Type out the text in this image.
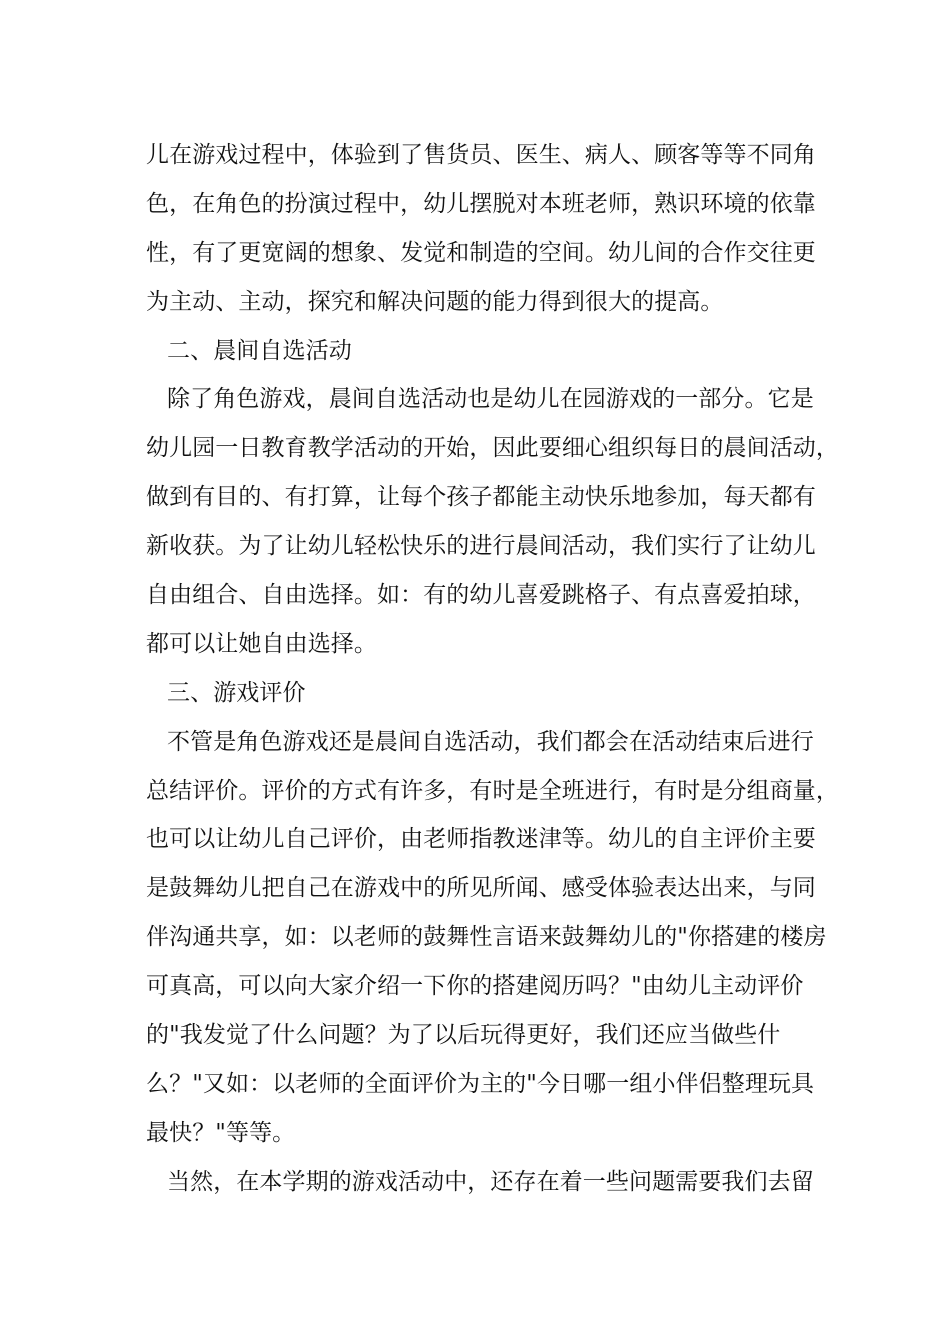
儿在游戏过程中，体验到了售货员、医生、病人、顾客等等不同角
色，在角色的扮演过程中，幼儿摆脱对本班老师，熟识环境的依靠
性，有了更宽阔的想象、发觉和制造的空间。幼儿间的合作交往更
为主动、主动，探究和解决问题的能力得到很大的提高。
二、晨间自选活动
除了角色游戏，晨间自选活动也是幼儿在园游戏的一部分。它是
幼儿园一日教育教学活动的开始，因此要细心组织每日的晨间活动，
做到有目的、有打算，让每个孩子都能主动快乐地参加，每天都有
新收获。为了让幼儿轻松快乐的进行晨间活动，我们实行了让幼儿
自由组合、自由选择。如：有的幼儿喜爱跳格子、有点喜爱拍球，
都可以让她自由选择。
三、游戏评价
不管是角色游戏还是晨间自选活动，我们都会在活动结束后进行
总结评价。评价的方式有许多，有时是全班进行，有时是分组商量，
也可以让幼儿自己评价，由老师指教迷津等。幼儿的自主评价主要
是鼓舞幼儿把自己在游戏中的所见所闻、感受体验表达出来，与同
伴沟通共享，如：以老师的鼓舞性言语来鼓舞幼儿的"你搭建的楼房
可真高，可以向大家介绍一下你的搭建阅历吗？"由幼儿主动评价
的"我发觉了什么问题？为了以后玩得更好，我们还应当做些什
么？"又如：以老师的全面评价为主的"今日哪一组小伴侣整理玩具
最快？"等等。
当然，在本学期的游戏活动中，还存在着一些问题需要我们去留
